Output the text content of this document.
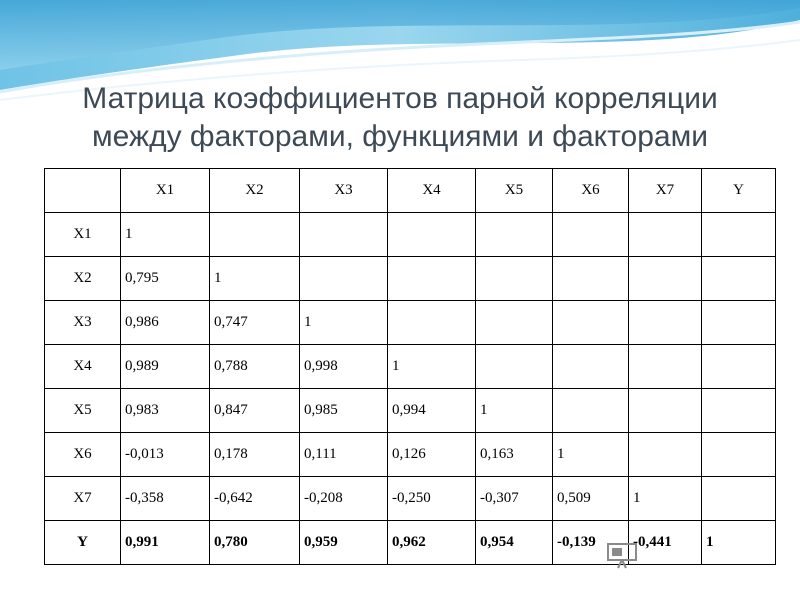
Матрица коэффициентов парной корреляции
между факторами, функциями и факторами
	X1	X2	X3	X4	X5	X6	X7	Y
X1	1							
X2	0,795	1						
X3	0,986	0,747	1					
X4	0,989	0,788	0,998	1				
X5	0,983	0,847	0,985	0,994	1			
X6	-0,013	0,178	0,111	0,126	0,163	1		
X7	-0,358	-0,642	-0,208	-0,250	-0,307	0,509	1	
Y	0,991	0,780	0,959	0,962	0,954	-0,139	-0,441	1
